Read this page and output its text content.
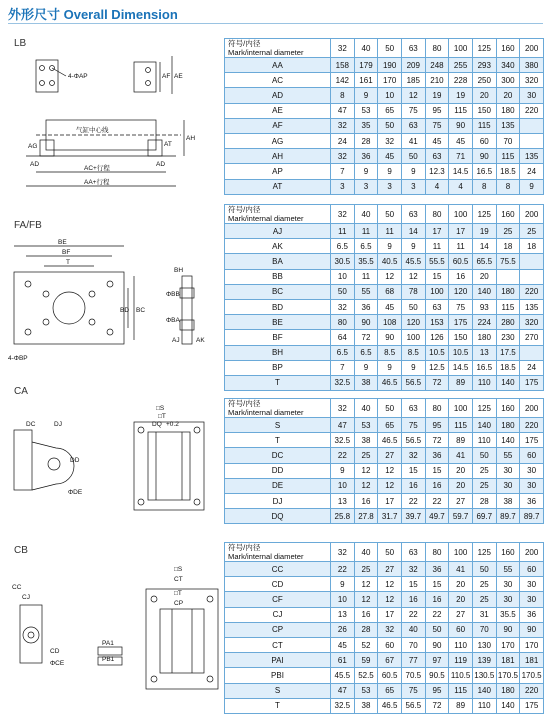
外形尺寸 Overall Dimension
LB
FA/FB
CA
CB
4-ΦAP	AF AE
气缸中心线
AG	AT
AH
AD	AD
AC+行程
AA+行程
BE
BF
T
BD BC
4-ΦBP
BH
ΦBB
ΦBA
AJ	AK
DC	DJ
DD
ΦDE
□S
□T
DQ +0.2
CC
CJ
CD
ΦCE
PA1
PB1
□S
CT
CP
□T
符号/内径
Mark/internal diameter	32	40	50	63	80	100	125	160	200
AA	158	179	190	209	248	255	293	340	380
AC	142	161	170	185	210	228	250	300	320
AD	8	9	10	12	19	19	20	20	30
AE	47	53	65	75	95	115	150	180	220
AF	32	35	50	63	75	90	115	135	
AG	24	28	32	41	45	45	60	70	
AH	32	36	45	50	63	71	90	115	135
AP	7	9	9	9	12.3	14.5	16.5	18.5	24
AT	3	3	3	3	4	4	8	8	9
符号/内径
Mark/internal diameter	32	40	50	63	80	100	125	160	200
AJ	11	11	11	14	17	17	19	25	25
AK	6.5	6.5	9	9	11	11	14	18	18
BA	30.5	35.5	40.5	45.5	55.5	60.5	65.5	75.5	
BB	10	11	12	12	15	16	20		
BC	50	55	68	78	100	120	140	180	220
BD	32	36	45	50	63	75	93	115	135
BE	80	90	108	120	153	175	224	280	320
BF	64	72	90	100	126	150	180	230	270
BH	6.5	6.5	8.5	8.5	10.5	10.5	13	17.5	
BP	7	9	9	9	12.5	14.5	16.5	18.5	24
T	32.5	38	46.5	56.5	72	89	110	140	175
符号/内径
Mark/internal diameter	32	40	50	63	80	100	125	160	200
S	47	53	65	75	95	115	140	180	220
T	32.5	38	46.5	56.5	72	89	110	140	175
DC	22	25	27	32	36	41	50	55	60
DD	9	12	12	15	15	20	25	30	30
DE	10	12	12	16	16	20	25	30	30
DJ	13	16	17	22	22	27	28	38	36
DQ	25.8	27.8	31.7	39.7	49.7	59.7	69.7	89.7	89.7
符号/内径
Mark/internal diameter	32	40	50	63	80	100	125	160	200
CC	22	25	27	32	36	41	50	55	60
CD	9	12	12	15	15	20	25	30	30
CF	10	12	12	16	16	20	25	30	30
CJ	13	16	17	22	22	27	31	35.5	36
CP	26	28	32	40	50	60	70	90	90
CT	45	52	60	70	90	110	130	170	170
PAI	61	59	67	77	97	119	139	181	181
PBI	45.5	52.5	60.5	70.5	90.5	110.5	130.5	170.5	170.5
S	47	53	65	75	95	115	140	180	220
T	32.5	38	46.5	56.5	72	89	110	140	175
